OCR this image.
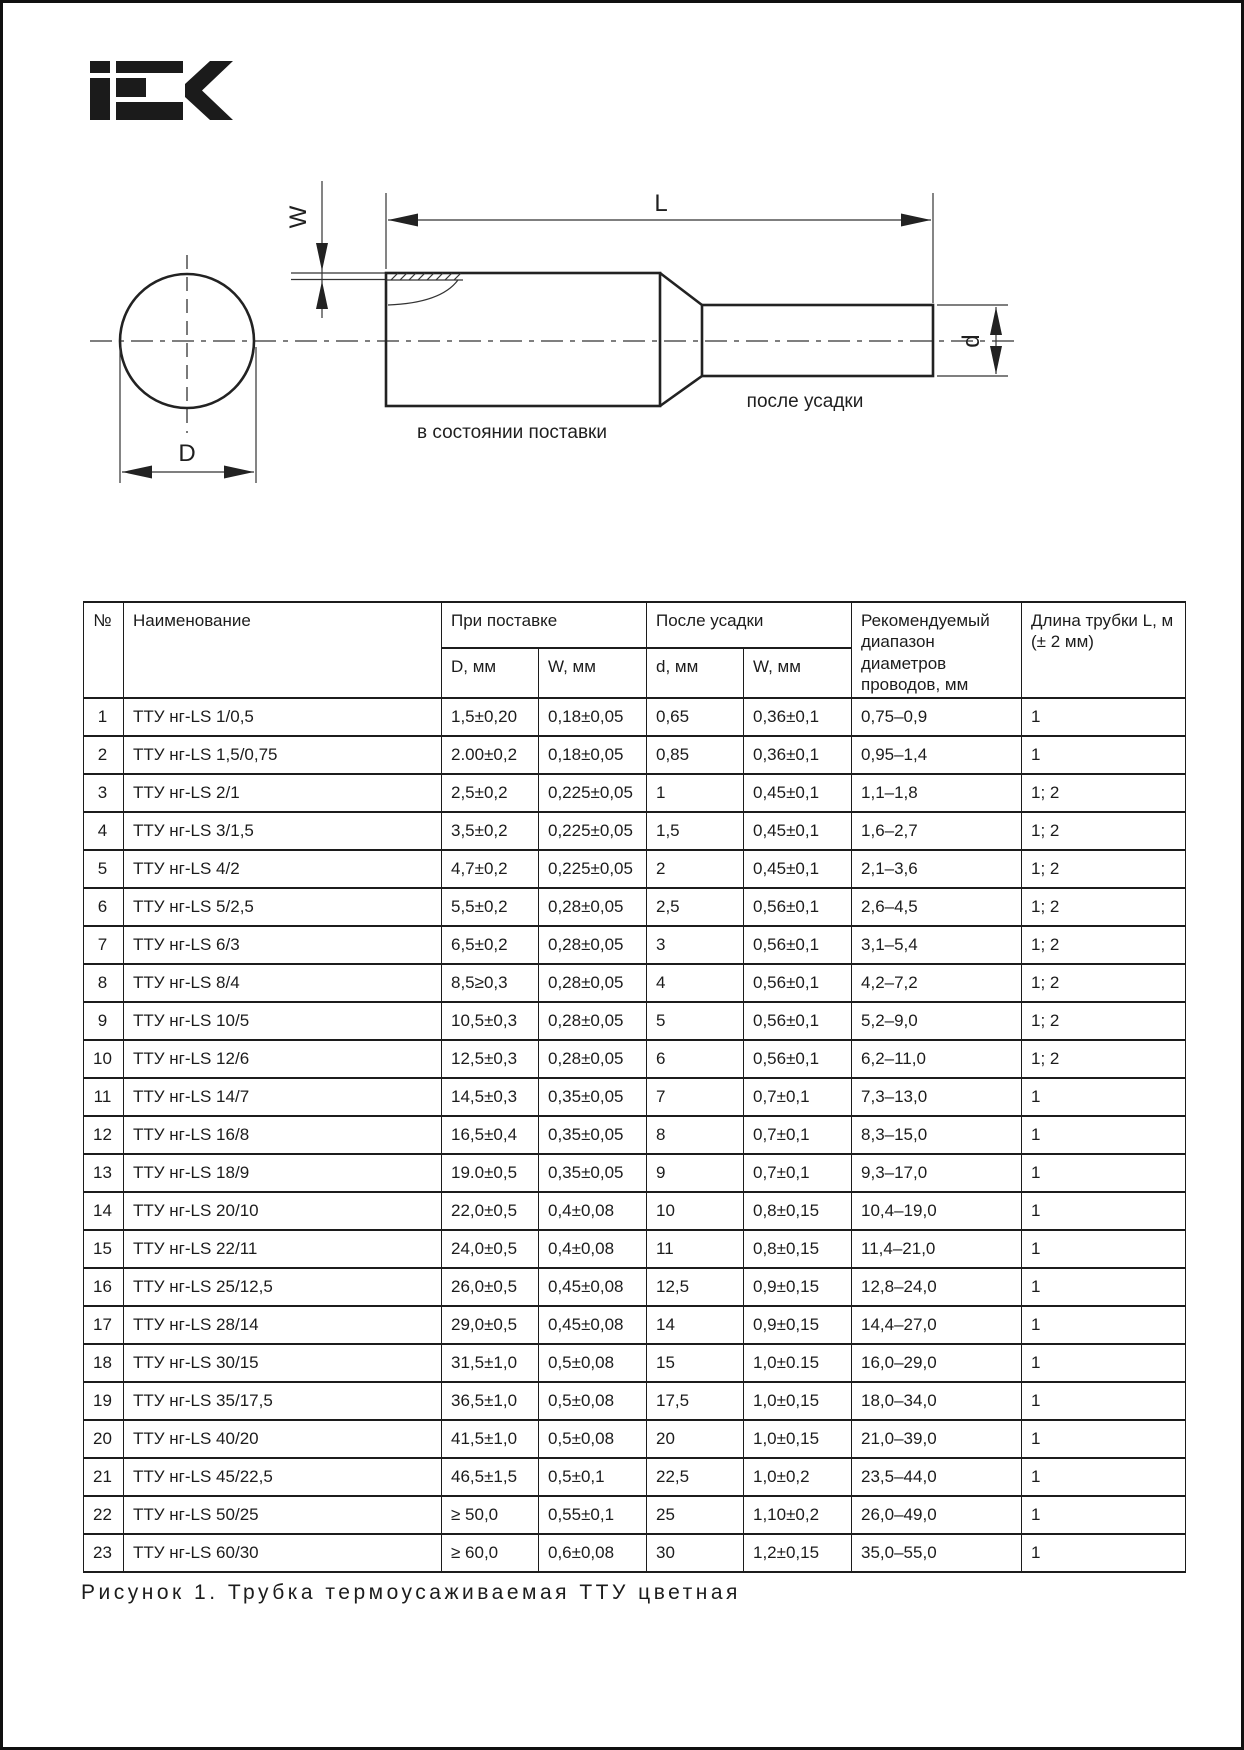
D
W	L
d
в состоянии поставки
после усадки
№	Наименование	При поставке		После усадки		Рекомендуемый диапазон диаметров проводов, мм	Длина трубки L, м (± 2 мм)
		D, мм	W, мм	d, мм	W, мм		
1	ТТУ нг-LS 1/0,5	1,5±0,20	0,18±0,05	0,65	0,36±0,1	0,75–0,9	1
2	ТТУ нг-LS 1,5/0,75	2.00±0,2	0,18±0,05	0,85	0,36±0,1	0,95–1,4	1
3	ТТУ нг-LS 2/1	2,5±0,2	0,225±0,05	1	0,45±0,1	1,1–1,8	1; 2
4	ТТУ нг-LS 3/1,5	3,5±0,2	0,225±0,05	1,5	0,45±0,1	1,6–2,7	1; 2
5	ТТУ нг-LS 4/2	4,7±0,2	0,225±0,05	2	0,45±0,1	2,1–3,6	1; 2
6	ТТУ нг-LS 5/2,5	5,5±0,2	0,28±0,05	2,5	0,56±0,1	2,6–4,5	1; 2
7	ТТУ нг-LS 6/3	6,5±0,2	0,28±0,05	3	0,56±0,1	3,1–5,4	1; 2
8	ТТУ нг-LS 8/4	8,5≥0,3	0,28±0,05	4	0,56±0,1	4,2–7,2	1; 2
9	ТТУ нг-LS 10/5	10,5±0,3	0,28±0,05	5	0,56±0,1	5,2–9,0	1; 2
10	ТТУ нг-LS 12/6	12,5±0,3	0,28±0,05	6	0,56±0,1	6,2–11,0	1; 2
11	ТТУ нг-LS 14/7	14,5±0,3	0,35±0,05	7	0,7±0,1	7,3–13,0	1
12	ТТУ нг-LS 16/8	16,5±0,4	0,35±0,05	8	0,7±0,1	8,3–15,0	1
13	ТТУ нг-LS 18/9	19.0±0,5	0,35±0,05	9	0,7±0,1	9,3–17,0	1
14	ТТУ нг-LS 20/10	22,0±0,5	0,4±0,08	10	0,8±0,15	10,4–19,0	1
15	ТТУ нг-LS 22/11	24,0±0,5	0,4±0,08	11	0,8±0,15	11,4–21,0	1
16	ТТУ нг-LS 25/12,5	26,0±0,5	0,45±0,08	12,5	0,9±0,15	12,8–24,0	1
17	ТТУ нг-LS 28/14	29,0±0,5	0,45±0,08	14	0,9±0,15	14,4–27,0	1
18	ТТУ нг-LS 30/15	31,5±1,0	0,5±0,08	15	1,0±0.15	16,0–29,0	1
19	ТТУ нг-LS 35/17,5	36,5±1,0	0,5±0,08	17,5	1,0±0,15	18,0–34,0	1
20	ТТУ нг-LS 40/20	41,5±1,0	0,5±0,08	20	1,0±0,15	21,0–39,0	1
21	ТТУ нг-LS 45/22,5	46,5±1,5	0,5±0,1	22,5	1,0±0,2	23,5–44,0	1
22	ТТУ нг-LS 50/25	≥ 50,0	0,55±0,1	25	1,10±0,2	26,0–49,0	1
23	ТТУ нг-LS 60/30	≥ 60,0	0,6±0,08	30	1,2±0,15	35,0–55,0	1
Рисунок 1. Трубка термоусаживаемая ТТУ цветная
